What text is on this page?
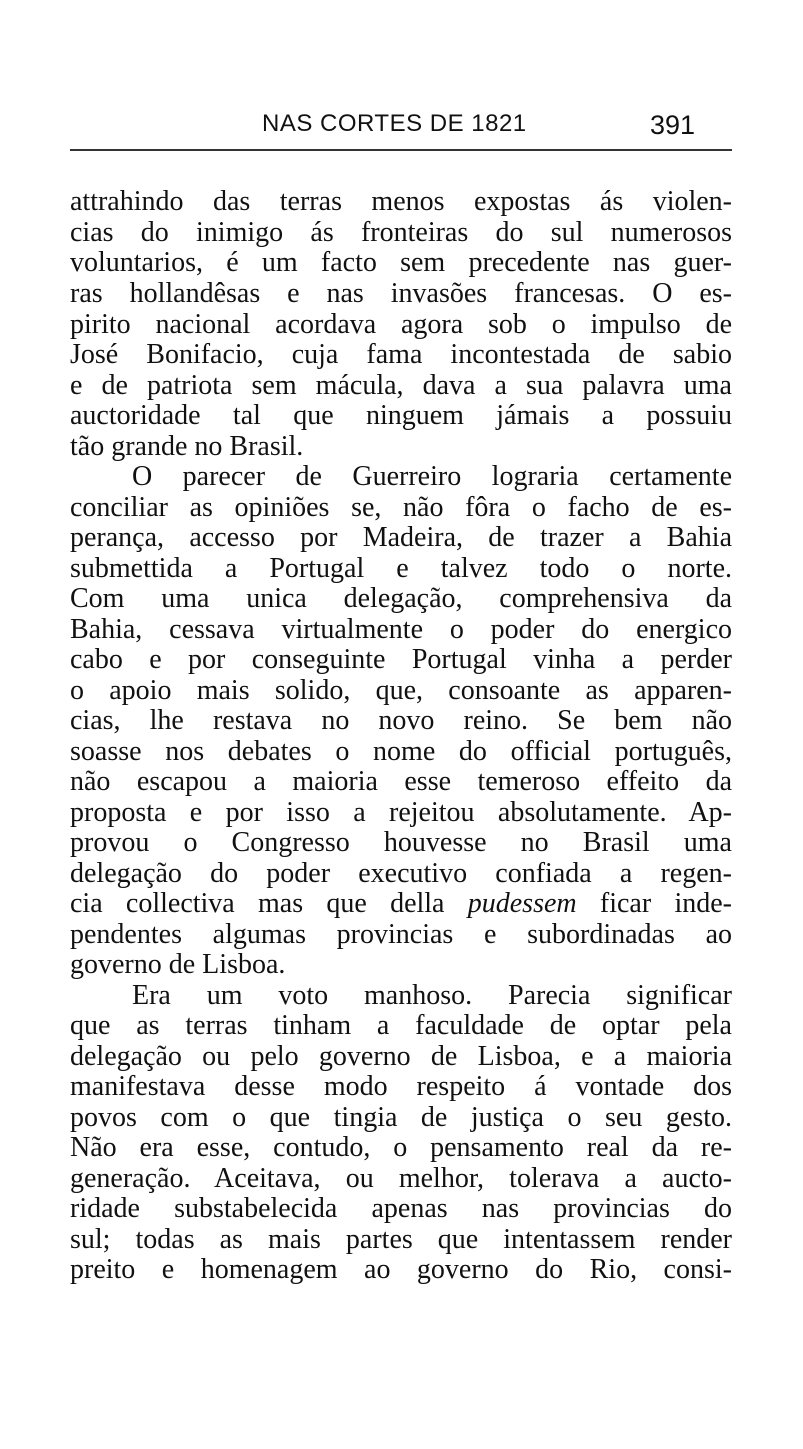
NAS CORTES DE 1821	391
attrahindo das terras menos expostas ás violen-
cias do inimigo ás fronteiras do sul numerosos
voluntarios, é um facto sem precedente nas guer-
ras hollandêsas e nas invasões francesas. O es-
pirito nacional acordava agora sob o impulso de
José Bonifacio, cuja fama incontestada de sabio
e de patriota sem mácula, dava a sua palavra uma
auctoridade tal que ninguem jámais a possuiu
tão grande no Brasil.
O parecer de Guerreiro lograria certamente
conciliar as opiniões se, não fôra o facho de es-
perança, accesso por Madeira, de trazer a Bahia
submettida a Portugal e talvez todo o norte.
Com uma unica delegação, comprehensiva da
Bahia, cessava virtualmente o poder do energico
cabo e por conseguinte Portugal vinha a perder
o apoio mais solido, que, consoante as apparen-
cias, lhe restava no novo reino. Se bem não
soasse nos debates o nome do official português,
não escapou a maioria esse temeroso effeito da
proposta e por isso a rejeitou absolutamente. Ap-
provou o Congresso houvesse no Brasil uma
delegação do poder executivo confiada a regen-
cia collectiva mas que della pudessem ficar inde-
pendentes algumas provincias e subordinadas ao
governo de Lisboa.
Era um voto manhoso. Parecia significar
que as terras tinham a faculdade de optar pela
delegação ou pelo governo de Lisboa, e a maioria
manifestava desse modo respeito á vontade dos
povos com o que tingia de justiça o seu gesto.
Não era esse, contudo, o pensamento real da re-
generação. Aceitava, ou melhor, tolerava a aucto-
ridade substabelecida apenas nas provincias do
sul; todas as mais partes que intentassem render
preito e homenagem ao governo do Rio, consi-
